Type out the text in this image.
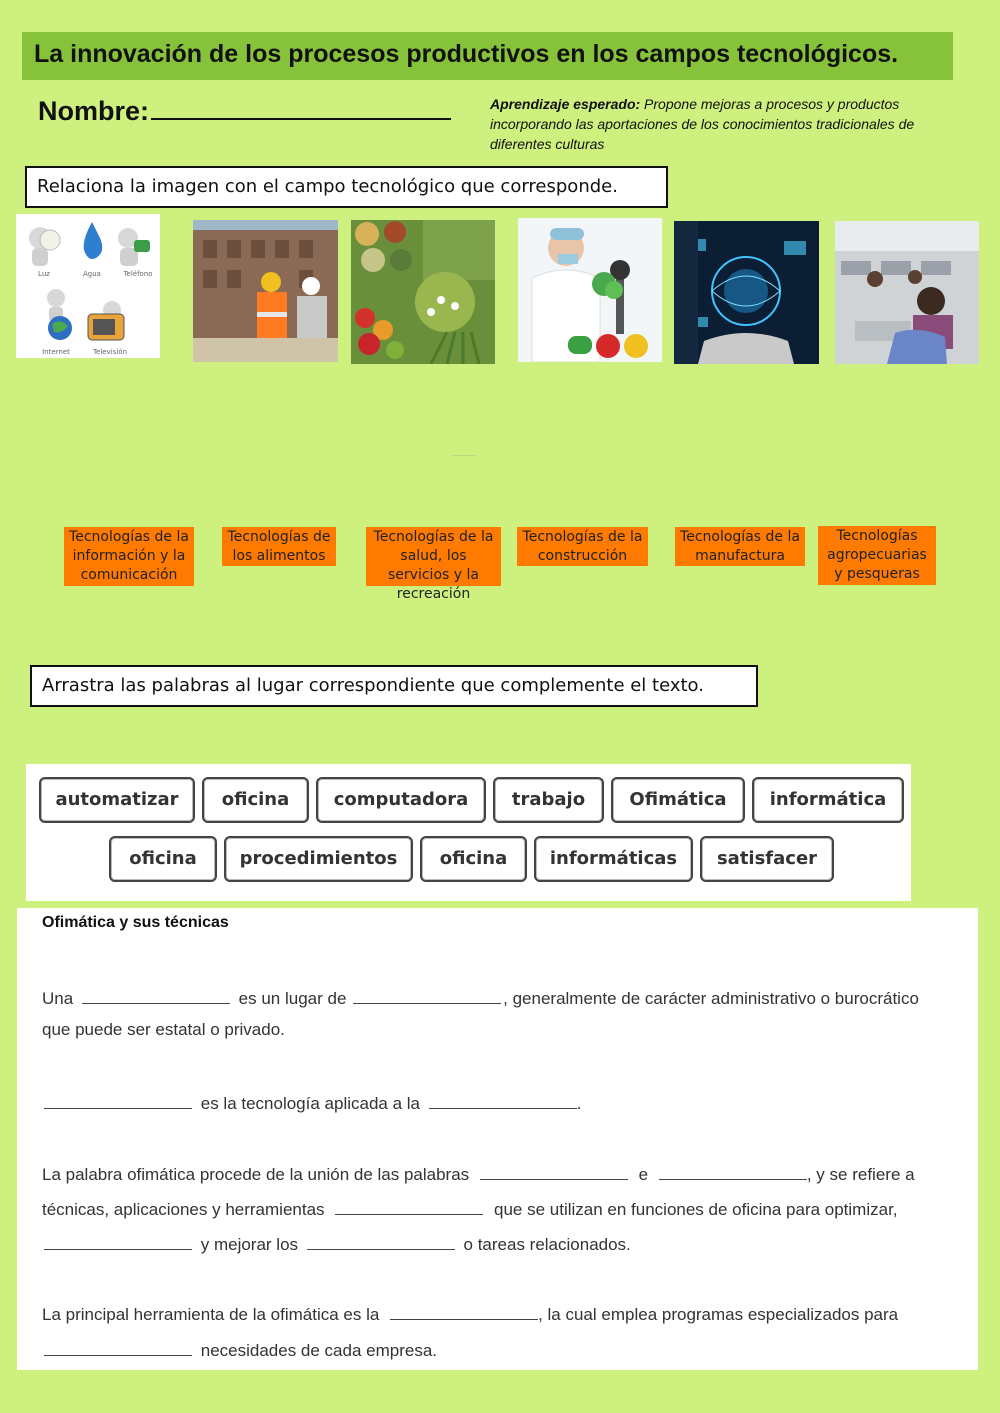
La innovación de los procesos productivos en los campos tecnológicos.
Nombre:	Aprendizaje esperado: Propone mejoras a procesos y productos incorporando las aportaciones de los conocimientos tradicionales de diferentes culturas
Relaciona la imagen con el campo tecnológico que corresponde.
Luz	Agua	Teléfono
Internet	Televisión
Tecnologías de la información y la comunicación
Tecnologías de los alimentos
Tecnologías de la salud, los servicios y la recreación
Tecnologías de la construcción
Tecnologías de la manufactura
Tecnologías agropecuarias y pesqueras
Arrastra las palabras al lugar correspondiente que complemente el texto.
automatizar	oficina	computadora	trabajo	Ofimática	informática
oficina	procedimientos	oficina	informáticas	satisfacer
Ofimática y sus técnicas
Una	es un lugar de	, generalmente de carácter administrativo o burocrático
que puede ser estatal o privado.
es la tecnología aplicada a la	.
La palabra ofimática procede de la unión de las palabras	e	, y se refiere a
técnicas, aplicaciones y herramientas	que se utilizan en funciones de oficina para optimizar,
y mejorar los	o tareas relacionados.
La principal herramienta de la ofimática es la	, la cual emplea programas especializados para
necesidades de cada empresa.
